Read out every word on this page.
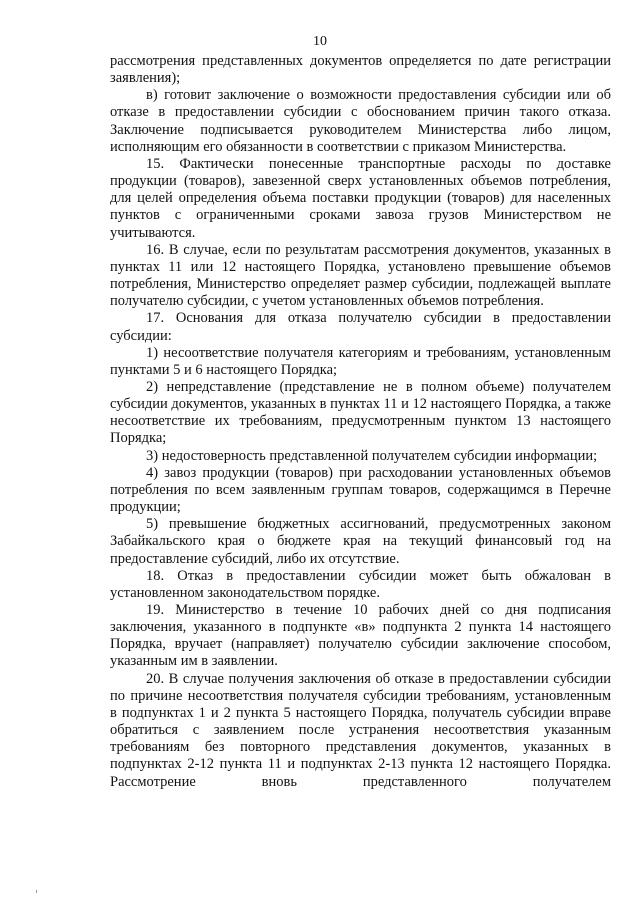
10

рассмотрения представленных документов определяется по дате регистрации заявления);

в) готовит заключение о возможности предоставления субсидии или об отказе в предоставлении субсидии с обоснованием причин такого отказа. Заключение подписывается руководителем Министерства либо лицом, исполняющим его обязанности в соответствии с приказом Министерства.

15. Фактически понесенные транспортные расходы по доставке продукции (товаров), завезенной сверх установленных объемов потребления, для целей определения объема поставки продукции (товаров) для населенных пунктов с ограниченными сроками завоза грузов Министерством не учитываются.

16. В случае, если по результатам рассмотрения документов, указанных в пунктах 11 или 12 настоящего Порядка, установлено превышение объемов потребления, Министерство определяет размер субсидии, подлежащей выплате получателю субсидии, с учетом установленных объемов потребления.

17. Основания для отказа получателю субсидии в предоставлении субсидии:

1) несоответствие получателя категориям и требованиям, установленным пунктами 5 и 6 настоящего Порядка;

2) непредставление (представление не в полном объеме) получателем субсидии документов, указанных в пунктах 11 и 12 настоящего Порядка, а также несоответствие их требованиям, предусмотренным пунктом 13 настоящего Порядка;

3) недостоверность представленной получателем субсидии информации;

4) завоз продукции (товаров) при расходовании установленных объемов потребления по всем заявленным группам товаров, содержащимся в Перечне продукции;

5) превышение бюджетных ассигнований, предусмотренных законом Забайкальского края о бюджете края на текущий финансовый год на предоставление субсидий, либо их отсутствие.

18. Отказ в предоставлении субсидии может быть обжалован в установленном законодательством порядке.

19. Министерство в течение 10 рабочих дней со дня подписания заключения, указанного в подпункте «в» подпункта 2 пункта 14 настоящего Порядка, вручает (направляет) получателю субсидии заключение способом, указанным им в заявлении.

20. В случае получения заключения об отказе в предоставлении субсидии по причине несоответствия получателя субсидии требованиям, установленным в подпунктах 1 и 2 пункта 5 настоящего Порядка, получатель субсидии вправе обратиться с заявлением после устранения несоответствия указанным требованиям без повторного представления документов, указанных в подпунктах 2-12 пункта 11 и подпунктах 2-13 пункта 12 настоящего Порядка. Рассмотрение вновь представленного получателем
